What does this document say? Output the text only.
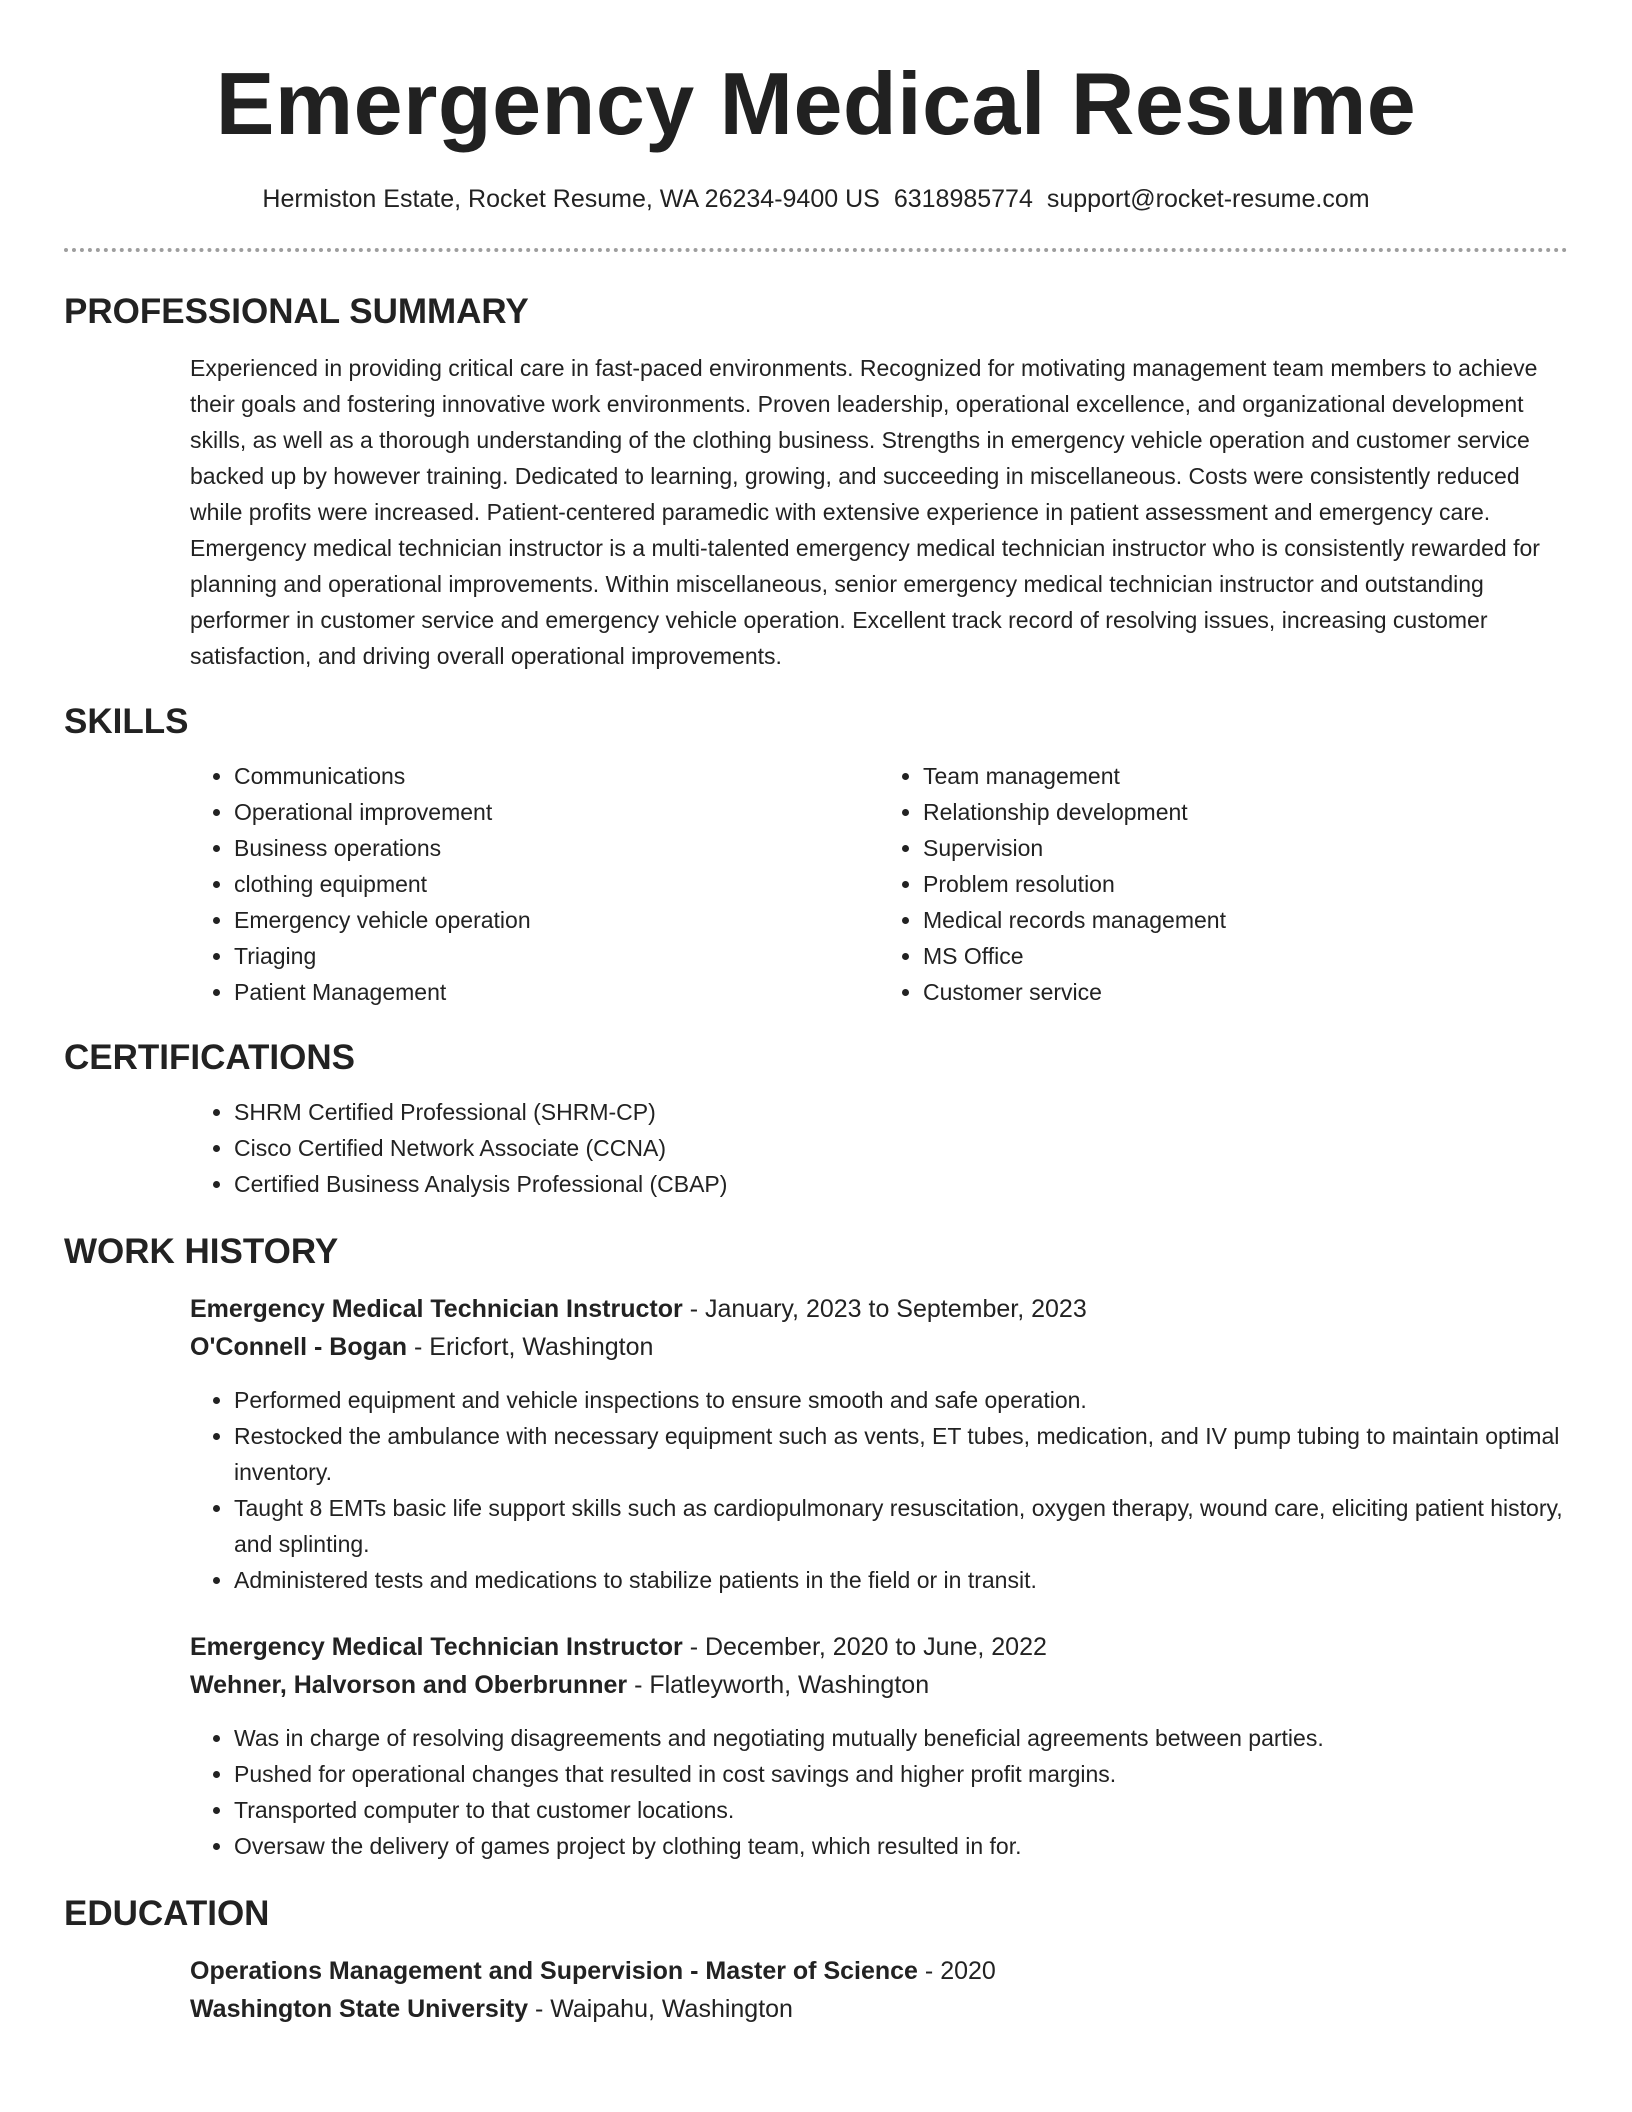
Emergency Medical Resume
Hermiston Estate, Rocket Resume, WA 26234-9400 US 6318985774 support@rocket-resume.com
PROFESSIONAL SUMMARY

Experienced in providing critical care in fast-paced environments. Recognized for motivating management team members to achieve their goals and fostering innovative work environments. Proven leadership, operational excellence, and organizational development skills, as well as a thorough understanding of the clothing business. Strengths in emergency vehicle operation and customer service backed up by however training. Dedicated to learning, growing, and succeeding in miscellaneous. Costs were consistently reduced while profits were increased. Patient-centered paramedic with extensive experience in patient assessment and emergency care. Emergency medical technician instructor is a multi-talented emergency medical technician instructor who is consistently rewarded for planning and operational improvements. Within miscellaneous, senior emergency medical technician instructor and outstanding performer in customer service and emergency vehicle operation. Excellent track record of resolving issues, increasing customer satisfaction, and driving overall operational improvements.

SKILLS
• Communications
• Operational improvement
• Business operations
• clothing equipment
• Emergency vehicle operation
• Triaging
• Patient Management
• Team management
• Relationship development
• Supervision
• Problem resolution
• Medical records management
• MS Office
• Customer service
CERTIFICATIONS
• SHRM Certified Professional (SHRM-CP)
• Cisco Certified Network Associate (CCNA)
• Certified Business Analysis Professional (CBAP)
WORK HISTORY
Emergency Medical Technician Instructor - January, 2023 to September, 2023
O'Connell - Bogan - Ericfort, Washington
• Performed equipment and vehicle inspections to ensure smooth and safe operation.
• Restocked the ambulance with necessary equipment such as vents, ET tubes, medication, and IV pump tubing to maintain optimal inventory.
• Taught 8 EMTs basic life support skills such as cardiopulmonary resuscitation, oxygen therapy, wound care, eliciting patient history, and splinting.
• Administered tests and medications to stabilize patients in the field or in transit.
Emergency Medical Technician Instructor - December, 2020 to June, 2022
Wehner, Halvorson and Oberbrunner - Flatleyworth, Washington
• Was in charge of resolving disagreements and negotiating mutually beneficial agreements between parties.
• Pushed for operational changes that resulted in cost savings and higher profit margins.
• Transported computer to that customer locations.
• Oversaw the delivery of games project by clothing team, which resulted in for.
EDUCATION
Operations Management and Supervision - Master of Science - 2020
Washington State University - Waipahu, Washington
